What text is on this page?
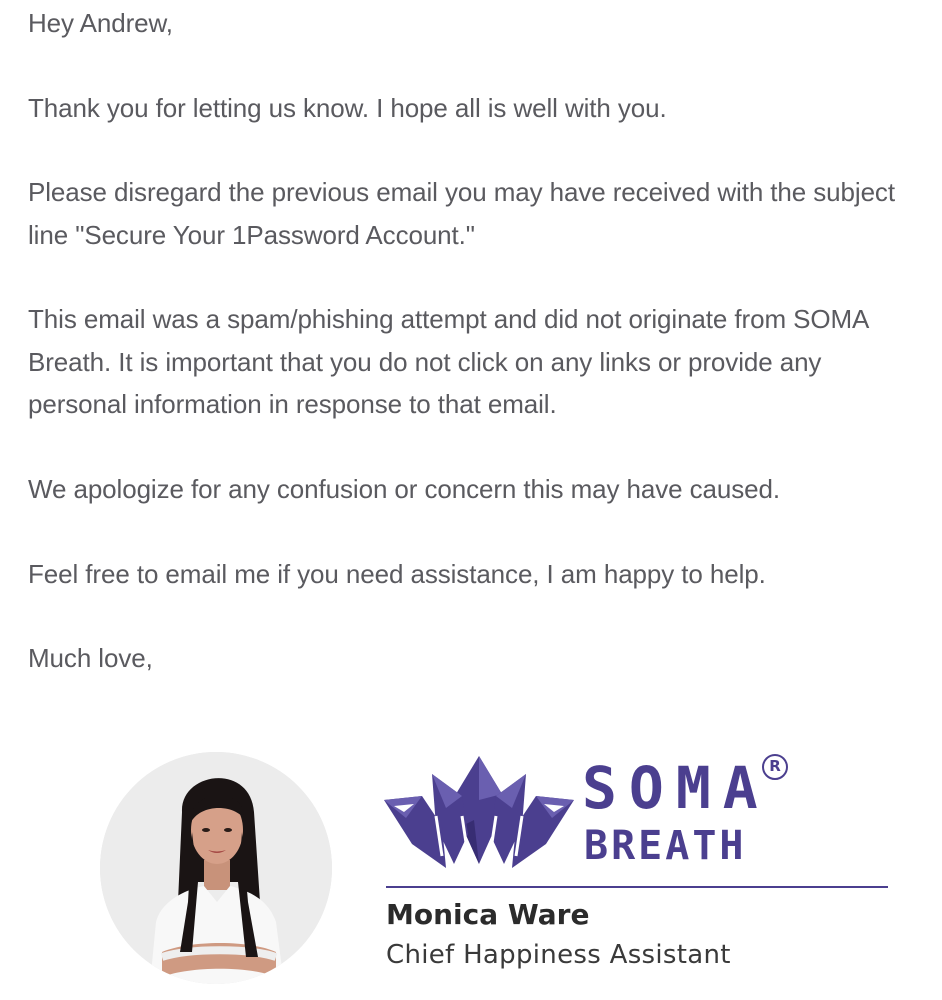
Hey Andrew,

Thank you for letting us know. I hope all is well with you.

Please disregard the previous email you may have received with the subject line "Secure Your 1Password Account."

This email was a spam/phishing attempt and did not originate from SOMA Breath. It is important that you do not click on any links or provide any personal information in response to that email.

We apologize for any confusion or concern this may have caused.

Feel free to email me if you need assistance, I am happy to help.

Much love,

SOMA
BREATH
R
Monica Ware
Chief Happiness Assistant
